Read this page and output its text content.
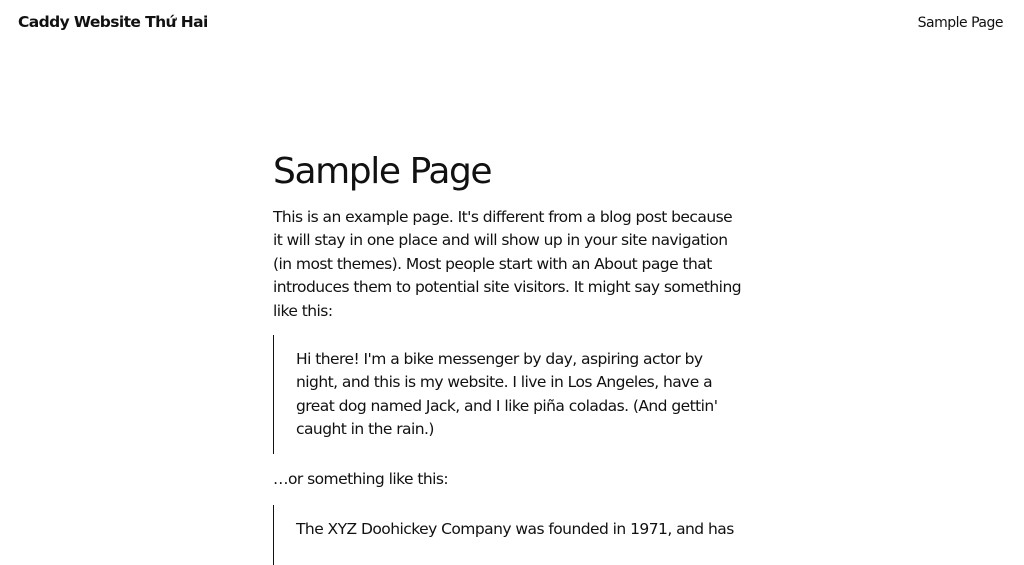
Caddy Website Thứ Hai	Sample Page
Sample Page

This is an example page. It's different from a blog post because it will stay in one place and will show up in your site navigation (in most themes). Most people start with an About page that introduces them to potential site visitors. It might say something like this:

Hi there! I'm a bike messenger by day, aspiring actor by night, and this is my website. I live in Los Angeles, have a great dog named Jack, and I like piña coladas. (And gettin' caught in the rain.)

…or something like this:

The XYZ Doohickey Company was founded in 1971, and has
